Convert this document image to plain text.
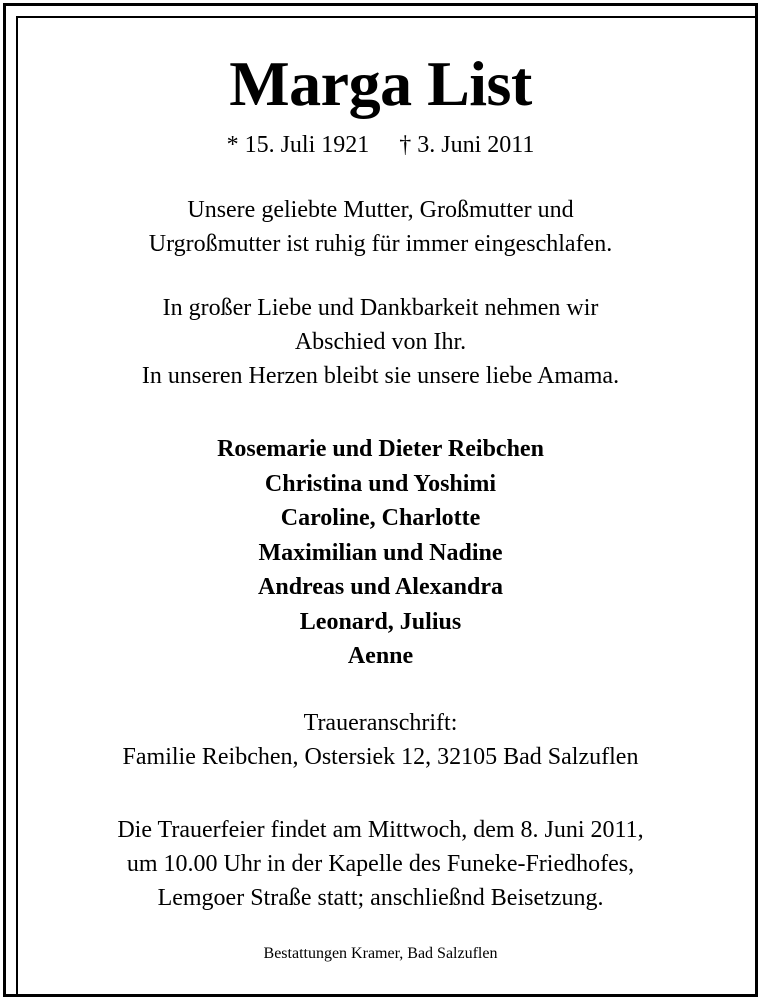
Marga List
* 15. Juli 1921 † 3. Juni 2011
Unsere geliebte Mutter, Großmutter und
Urgroßmutter ist ruhig für immer eingeschlafen.
In großer Liebe und Dankbarkeit nehmen wir
Abschied von Ihr.
In unseren Herzen bleibt sie unsere liebe Amama.
Rosemarie und Dieter Reibchen
Christina und Yoshimi
Caroline, Charlotte
Maximilian und Nadine
Andreas und Alexandra
Leonard, Julius
Aenne
Traueranschrift:
Familie Reibchen, Ostersiek 12, 32105 Bad Salzuflen
Die Trauerfeier findet am Mittwoch, dem 8. Juni 2011,
um 10.00 Uhr in der Kapelle des Funeke-Friedhofes,
Lemgoer Straße statt; anschließnd Beisetzung.
Bestattungen Kramer, Bad Salzuflen
